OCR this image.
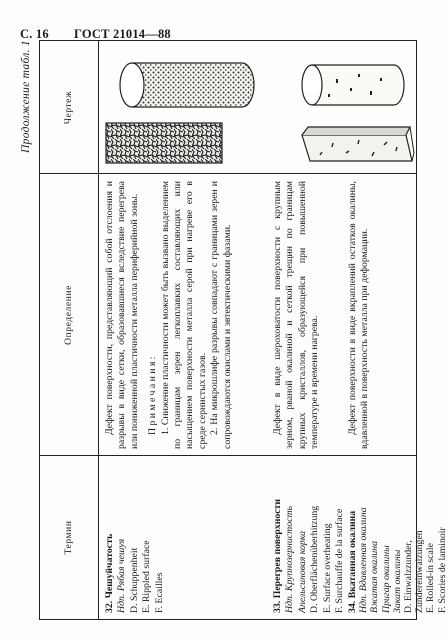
С. 16 ГОСТ 21014—88
Продолжение табл. 1
Термин
Определение
Чертеж
32. Чешуйчатость Ндп. Рябая чешуя D. Schuppenheit E. Rippled surface F. Ecailles

Дефект поверхности, представляющий собой отслоения и разрывы в виде сетки, образовавшиеся вследствие перегрева или пониженной пластичности металла периферийной зоны. Примечания: 1. Снижение пластичности может быть вызвано выделением по границам зерен легкоплавких составляющих или насыщением поверхности металла серой при нагреве его в среде сернистых газов. 2. На микрошлифе разрывы совпадают с границами зерен и сопровождаются окислами и эвтектическими фазами.

33. Перегрев поверхности Ндп. Крупнозернистость Апельсиновая корка D. Oberflächenüberhitzung E. Surface overheating F. Surchauffe de la surface

Дефект в виде шероховатости поверхности с крупным зерном, рваной окалиной и сеткой трещин по границам крупных кристаллов, образующейся при повышенной температуре и времени нагрева.

34. Вкатанная окалина Ндп. Вдавленная окалина Вжатая окалина Пригар окалины Закат окалины D. Einwalzzunder, Zundereinwalzungen E. Rolled-in scale F. Scories de laminoir

Дефект поверхности в виде вкраплений остатков окалины, вдавленной в поверхность металла при деформации.
